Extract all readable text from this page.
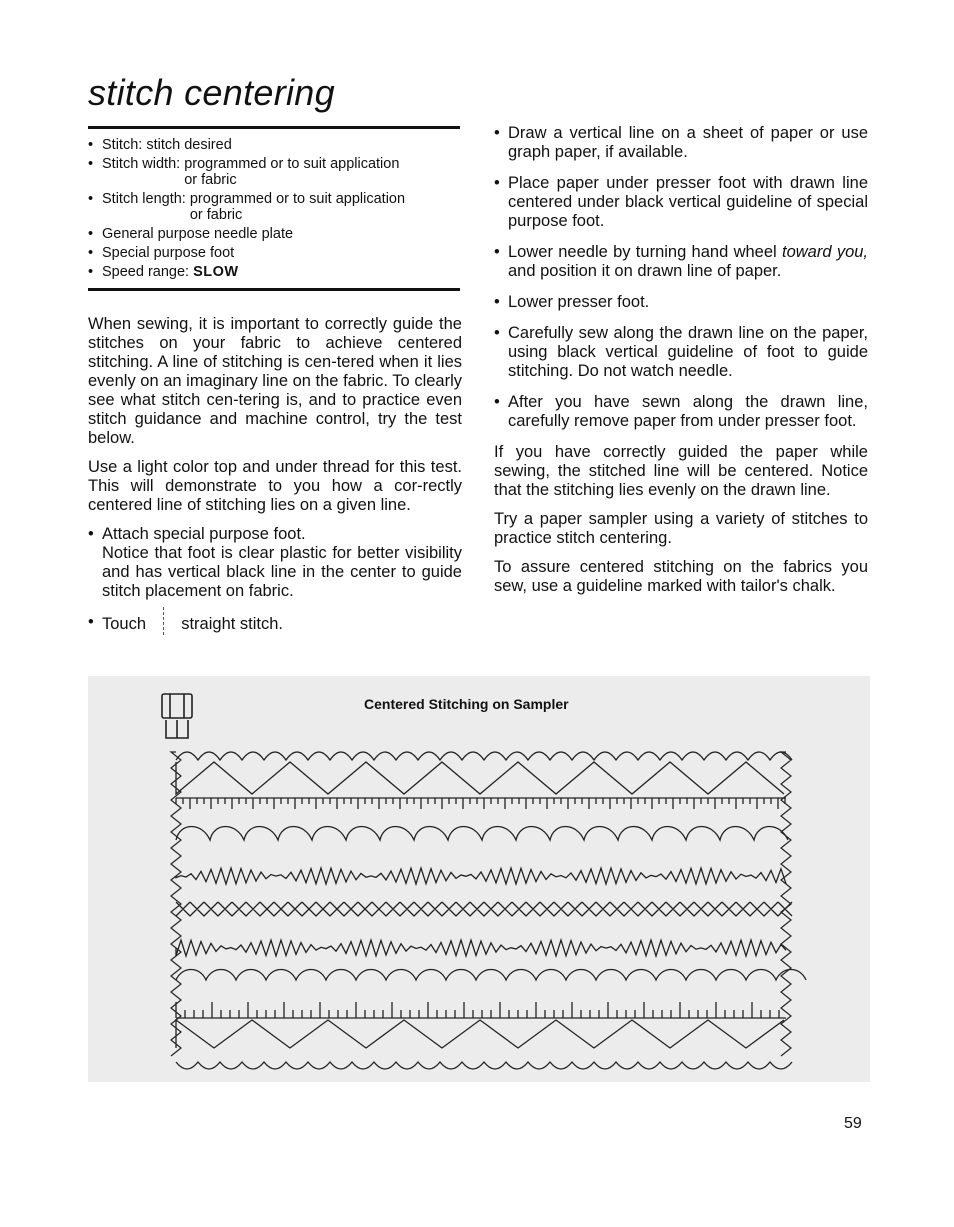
stitch centering
• Stitch: stitch desired
• Stitch width: programmed or to suit application
or fabric
• Stitch length: programmed or to suit application
or fabric
• General purpose needle plate
• Special purpose foot
• Speed range: SLOW

When sewing, it is important to correctly guide the stitches on your fabric to achieve centered stitching. A line of stitching is cen-tered when it lies evenly on an imaginary line on the fabric. To clearly see what stitch cen-tering is, and to practice even stitch guidance and machine control, try the test below.

Use a light color top and under thread for this test. This will demonstrate to you how a cor-rectly centered line of stitching lies on a given line.

• Attach special purpose foot.
Notice that foot is clear plastic for better visibility and has vertical black line in the center to guide stitch placement on fabric.
• Touch straight stitch.
• Draw a vertical line on a sheet of paper or use graph paper, if available.
• Place paper under presser foot with drawn line centered under black vertical guideline of special purpose foot.
• Lower needle by turning hand wheel toward you, and position it on drawn line of paper.
• Lower presser foot.
• Carefully sew along the drawn line on the paper, using black vertical guideline of foot to guide stitching. Do not watch needle.
• After you have sewn along the drawn line, carefully remove paper from under presser foot.

If you have correctly guided the paper while sewing, the stitched line will be centered. Notice that the stitching lies evenly on the drawn line.

Try a paper sampler using a variety of stitches to practice stitch centering.

To assure centered stitching on the fabrics you sew, use a guideline marked with tailor's chalk.

Centered Stitching on Sampler
59
